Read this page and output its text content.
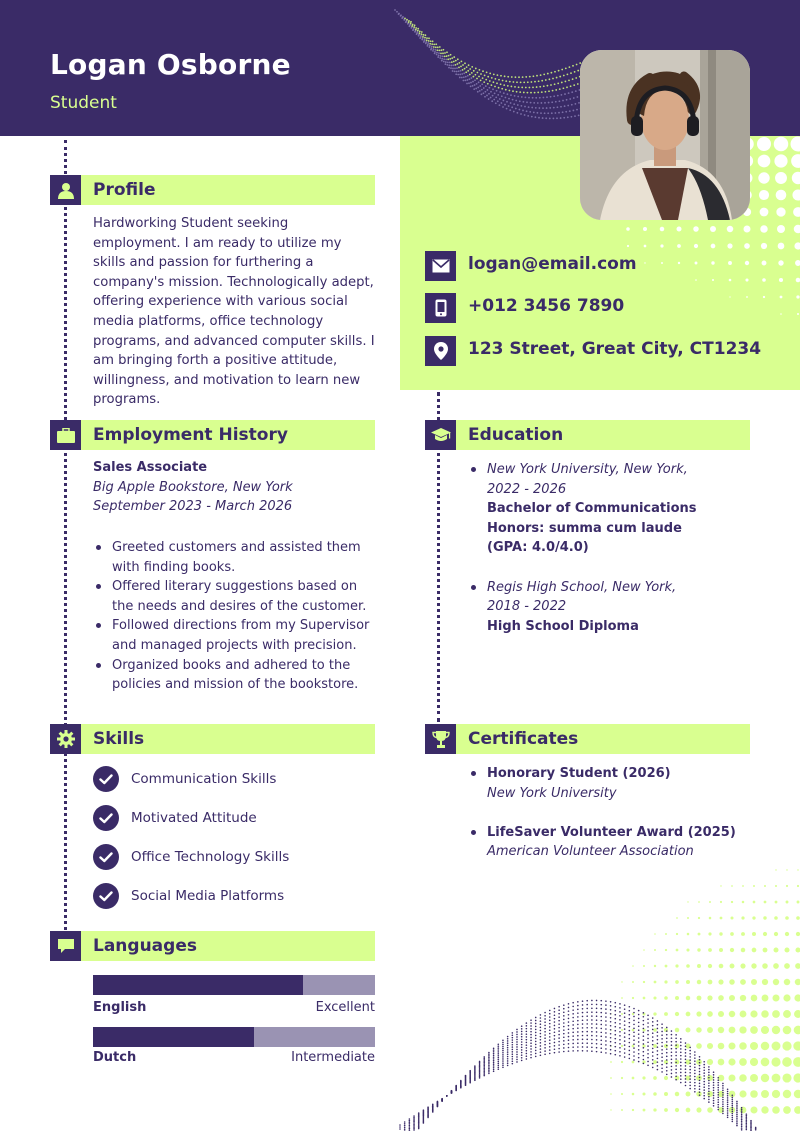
Logan Osborne
Student
logan@email.com
+012 3456 7890
123 Street, Great City, CT1234
Profile
Hardworking Student seeking employment. I am ready to utilize my skills and passion for furthering a company's mission. Technologically adept, offering experience with various social media platforms, office technology programs, and advanced computer skills. I am bringing forth a positive attitude, willingness, and motivation to learn new programs.
Employment History
Sales Associate
Big Apple Bookstore, New York
September 2023 - March 2026
Greeted customers and assisted them with finding books.
Offered literary suggestions based on the needs and desires of the customer.
Followed directions from my Supervisor and managed projects with precision.
Organized books and adhered to the policies and mission of the bookstore.
Skills
Communication Skills
Motivated Attitude
Office Technology Skills
Social Media Platforms
Languages
English	Excellent
Dutch	Intermediate
Education
New York University, New York,
2022 - 2026
Bachelor of Communications
Honors: summa cum laude
(GPA: 4.0/4.0)
Regis High School, New York,
2018 - 2022
High School Diploma
Certificates
Honorary Student (2026)
New York University
LifeSaver Volunteer Award (2025)
American Volunteer Association
